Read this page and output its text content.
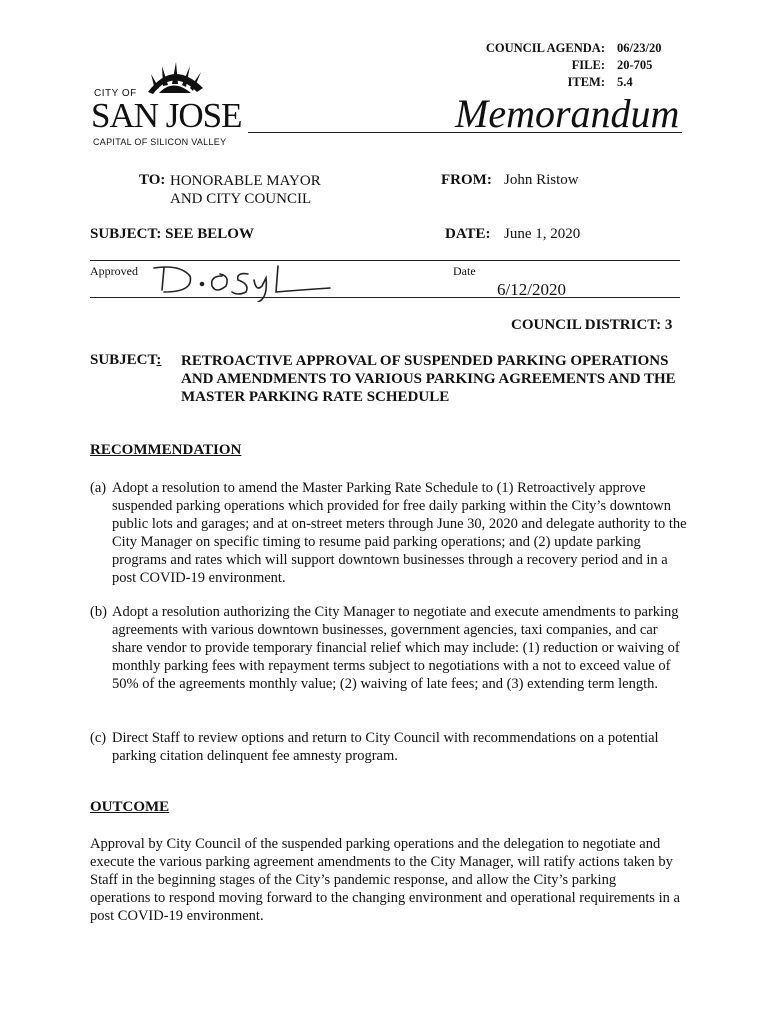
COUNCIL AGENDA: 06/23/20
FILE: 20-705
ITEM: 5.4
CITY OF
SAN JOSE
CAPITAL OF SILICON VALLEY
Memorandum
TO: HONORABLE MAYOR
AND CITY COUNCIL
FROM: John Ristow
SUBJECT: SEE BELOW	DATE: June 1, 2020
Approved	Date
6/12/2020
COUNCIL DISTRICT: 3
SUBJECT: RETROACTIVE APPROVAL OF SUSPENDED PARKING OPERATIONS AND AMENDMENTS TO VARIOUS PARKING AGREEMENTS AND THE MASTER PARKING RATE SCHEDULE
RECOMMENDATION
(a) Adopt a resolution to amend the Master Parking Rate Schedule to (1) Retroactively approve suspended parking operations which provided for free daily parking within the City’s downtown public lots and garages; and at on-street meters through June 30, 2020 and delegate authority to the City Manager on specific timing to resume paid parking operations; and (2) update parking programs and rates which will support downtown businesses through a recovery period and in a post COVID-19 environment.
(b) Adopt a resolution authorizing the City Manager to negotiate and execute amendments to parking agreements with various downtown businesses, government agencies, taxi companies, and car share vendor to provide temporary financial relief which may include: (1) reduction or waiving of monthly parking fees with repayment terms subject to negotiations with a not to exceed value of 50% of the agreements monthly value; (2) waiving of late fees; and (3) extending term length.
(c) Direct Staff to review options and return to City Council with recommendations on a potential parking citation delinquent fee amnesty program.
OUTCOME
Approval by City Council of the suspended parking operations and the delegation to negotiate and execute the various parking agreement amendments to the City Manager, will ratify actions taken by Staff in the beginning stages of the City’s pandemic response, and allow the City’s parking operations to respond moving forward to the changing environment and operational requirements in a post COVID-19 environment.
